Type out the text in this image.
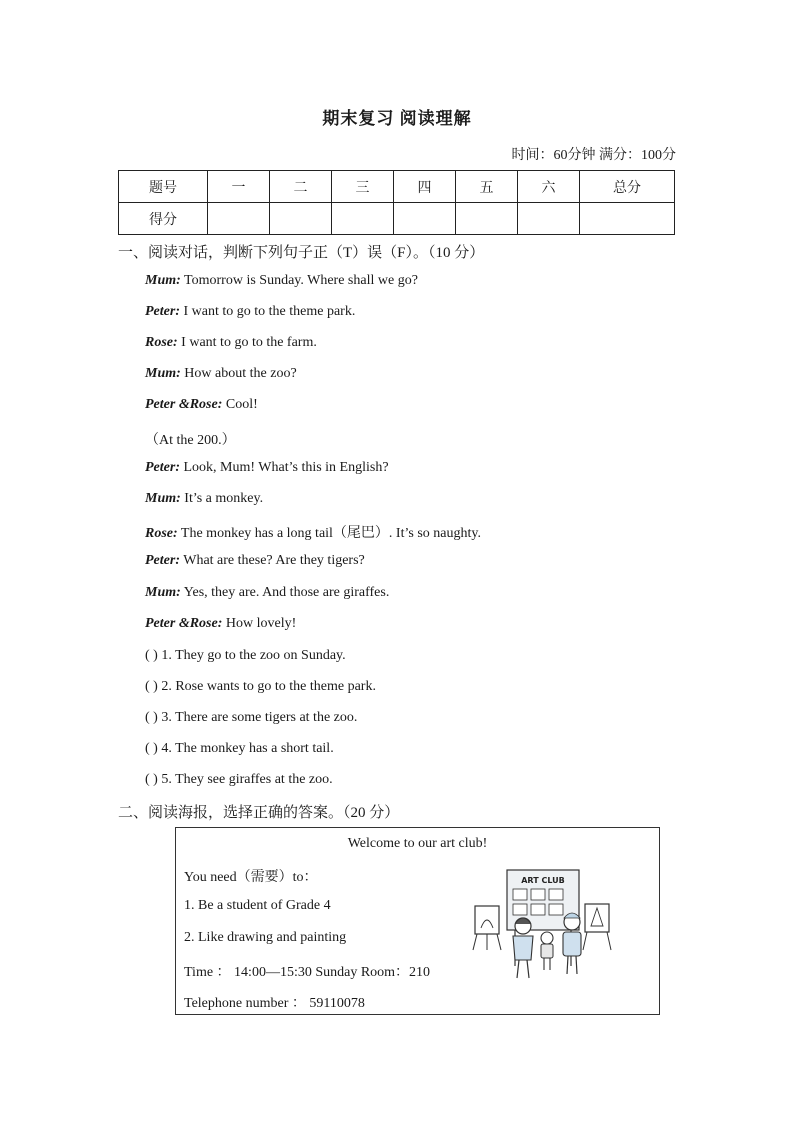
期末复习 阅读理解
时间：60分钟 满分：100分
题号	一	二	三	四	五	六	总分
得分							
一、阅读对话，判断下列句子正（T）误（F）。（10 分）
Mum: Tomorrow is Sunday. Where shall we go?
Peter: I want to go to the theme park.
Rose: I want to go to the farm.
Mum: How about the zoo?
Peter &Rose: Cool!
（At the 200.）
Peter: Look, Mum! What’s this in English?
Mum: It’s a monkey.
Rose: The monkey has a long tail（尾巴）. It’s so naughty.
Peter: What are these? Are they tigers?
Mum: Yes, they are. And those are giraffes.
Peter &Rose: How lovely!
( ) 1. They go to the zoo on Sunday.
( ) 2. Rose wants to go to the theme park.
( ) 3. There are some tigers at the zoo.
( ) 4. The monkey has a short tail.
( ) 5. They see giraffes at the zoo.
二、阅读海报，选择正确的答案。（20 分）
Welcome to our art club!
You need（需要）to：
1. Be a student of Grade 4
2. Like drawing and painting
Time ： 14:00—15:30 Sunday Room：210
Telephone number ： 59110078
ART CLUB
